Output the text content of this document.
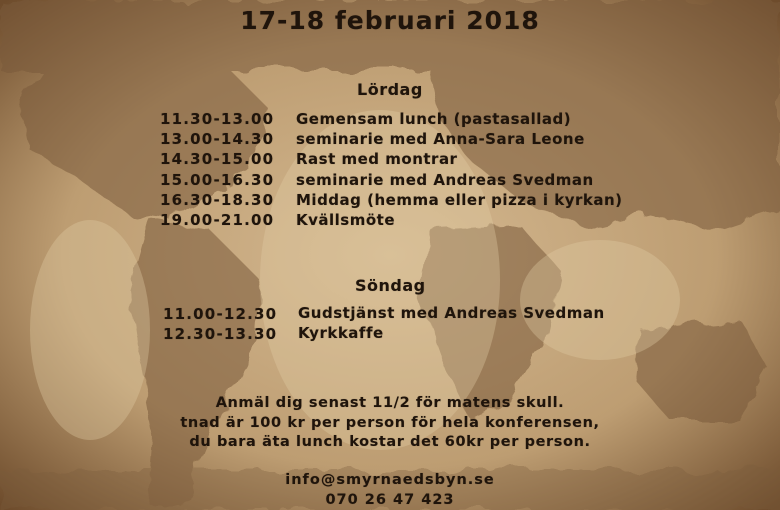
17-18 februari 2018
Lördag
11.30-13.00 Gemensam lunch (pastasallad)
13.00-14.30 seminarie med Anna-Sara Leone
14.30-15.00 Rast med montrar
15.00-16.30 seminarie med Andreas Svedman
16.30-18.30 Middag (hemma eller pizza i kyrkan)
19.00-21.00 Kvällsmöte
Söndag
11.00-12.30 Gudstjänst med Andreas Svedman
12.30-13.30 Kyrkkaffe
Anmäl dig senast 11/2 för matens skull.
tnad är 100 kr per person för hela konferensen,
du bara äta lunch kostar det 60kr per person.
info@smyrnaedsbyn.se
070 26 47 423
